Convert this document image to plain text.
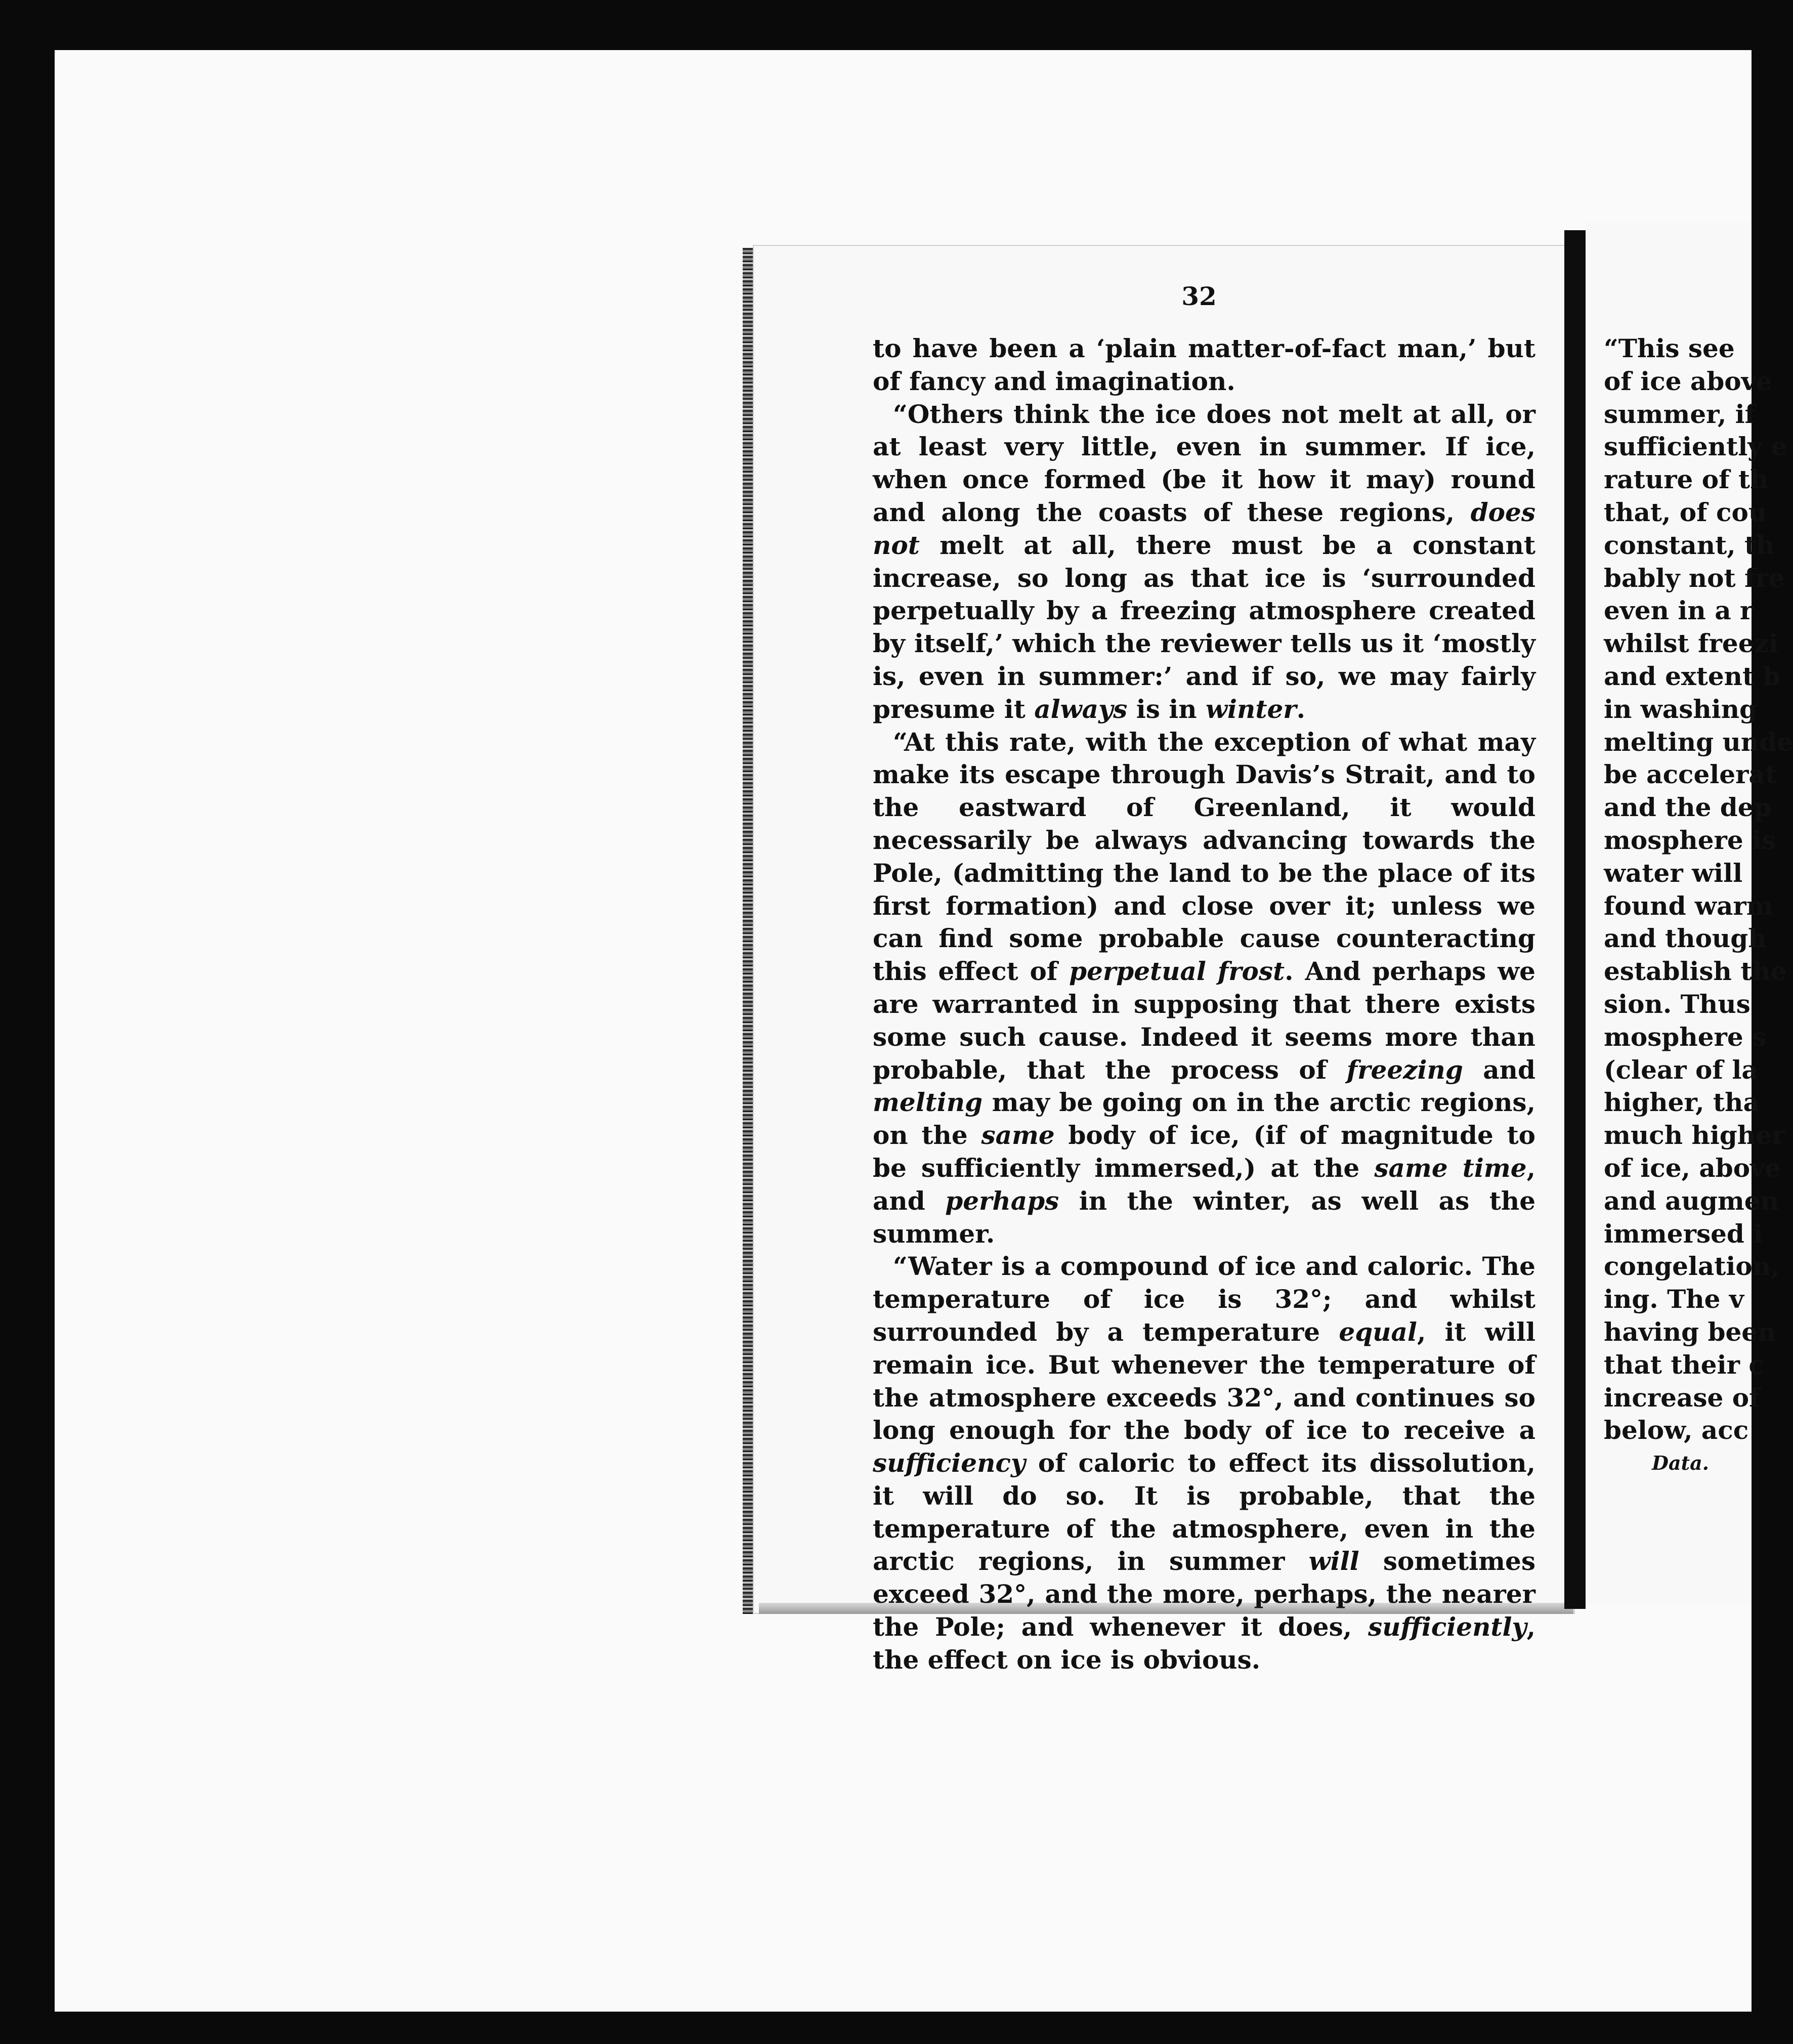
32

to have been a ‘plain matter-of-fact man,’ but of fancy and imagination.

“Others think the ice does not melt at all, or at least very little, even in summer. If ice, when once formed (be it how it may) round and along the coasts of these regions, does not melt at all, there must be a constant increase, so long as that ice is ‘surrounded perpetually by a freezing atmosphere created by itself,’ which the reviewer tells us it ‘mostly is, even in summer:’ and if so, we may fairly presume it always is in winter.

“At this rate, with the exception of what may make its escape through Davis’s Strait, and to the eastward of Greenland, it would necessarily be always advancing towards the Pole, (admitting the land to be the place of its first formation) and close over it; unless we can find some probable cause counteracting this effect of perpetual frost. And perhaps we are warranted in supposing that there exists some such cause. Indeed it seems more than probable, that the process of freezing and melting may be going on in the arctic regions, on the same body of ice, (if of magnitude to be sufficiently immersed,) at the same time, and perhaps in the winter, as well as the summer.

“Water is a compound of ice and caloric. The temperature of ice is 32°; and whilst surrounded by a temperature equal, it will remain ice. But whenever the temperature of the atmosphere exceeds 32°, and continues so long enough for the body of ice to receive a sufficiency of caloric to effect its dissolution, it will do so. It is probable, that the temperature of the atmosphere, even in the arctic regions, in summer will sometimes exceed 32°, and the more, perhaps, the nearer the Pole; and whenever it does, sufficiently, the effect on ice is obvious.

“This see
of ice above
summer, if
sufficiently e
rature of th
that, of cou
constant, th
bably not fre
even in a r
whilst freezi
and extent b
in washing
melting unde
be accelerat
and the dep
mosphere is
water will
found warm
and though
establish the
sion. Thus
mosphere s
(clear of la
higher, tha
much higher
of ice, above
and augmen
immersed i
congelation,
ing. The v
having been
that their c
increase of
below, acc
Data.
